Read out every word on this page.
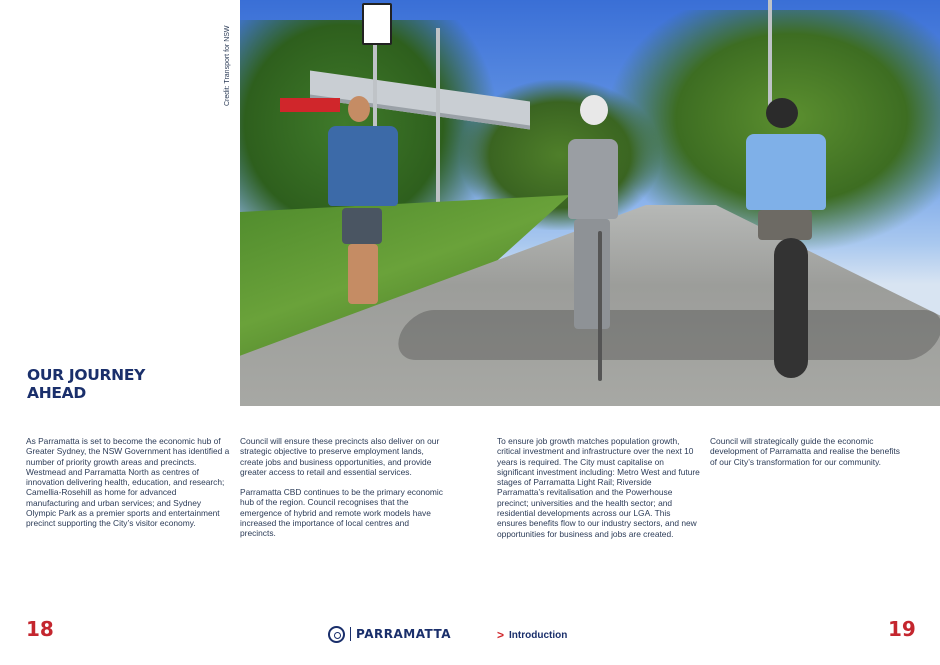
Credit: Transport for NSW
OUR JOURNEY
AHEAD

As Parramatta is set to become the economic hub of Greater Sydney, the NSW Government has identified a number of priority growth areas and precincts. Westmead and Parramatta North as centres of innovation delivering health, education, and research; Camellia-Rosehill as home for advanced manufacturing and urban services; and Sydney Olympic Park as a premier sports and entertainment precinct supporting the City’s visitor economy.

Council will ensure these precincts also deliver on our strategic objective to preserve employment lands, create jobs and business opportunities, and provide greater access to retail and essential services.

Parramatta CBD continues to be the primary economic hub of the region. Council recognises that the emergence of hybrid and remote work models have increased the importance of local centres and precincts.

To ensure job growth matches population growth, critical investment and infrastructure over the next 10 years is required. The City must capitalise on significant investment including: Metro West and future stages of Parramatta Light Rail; Riverside Parramatta’s revitalisation and the Powerhouse precinct; universities and the health sector; and residential developments across our LGA. This ensures benefits flow to our industry sectors, and new opportunities for business and jobs are created.

Council will strategically guide the economic development of Parramatta and realise the benefits of our City’s transformation for our community.

18	19
PARRAMATTA	> Introduction
